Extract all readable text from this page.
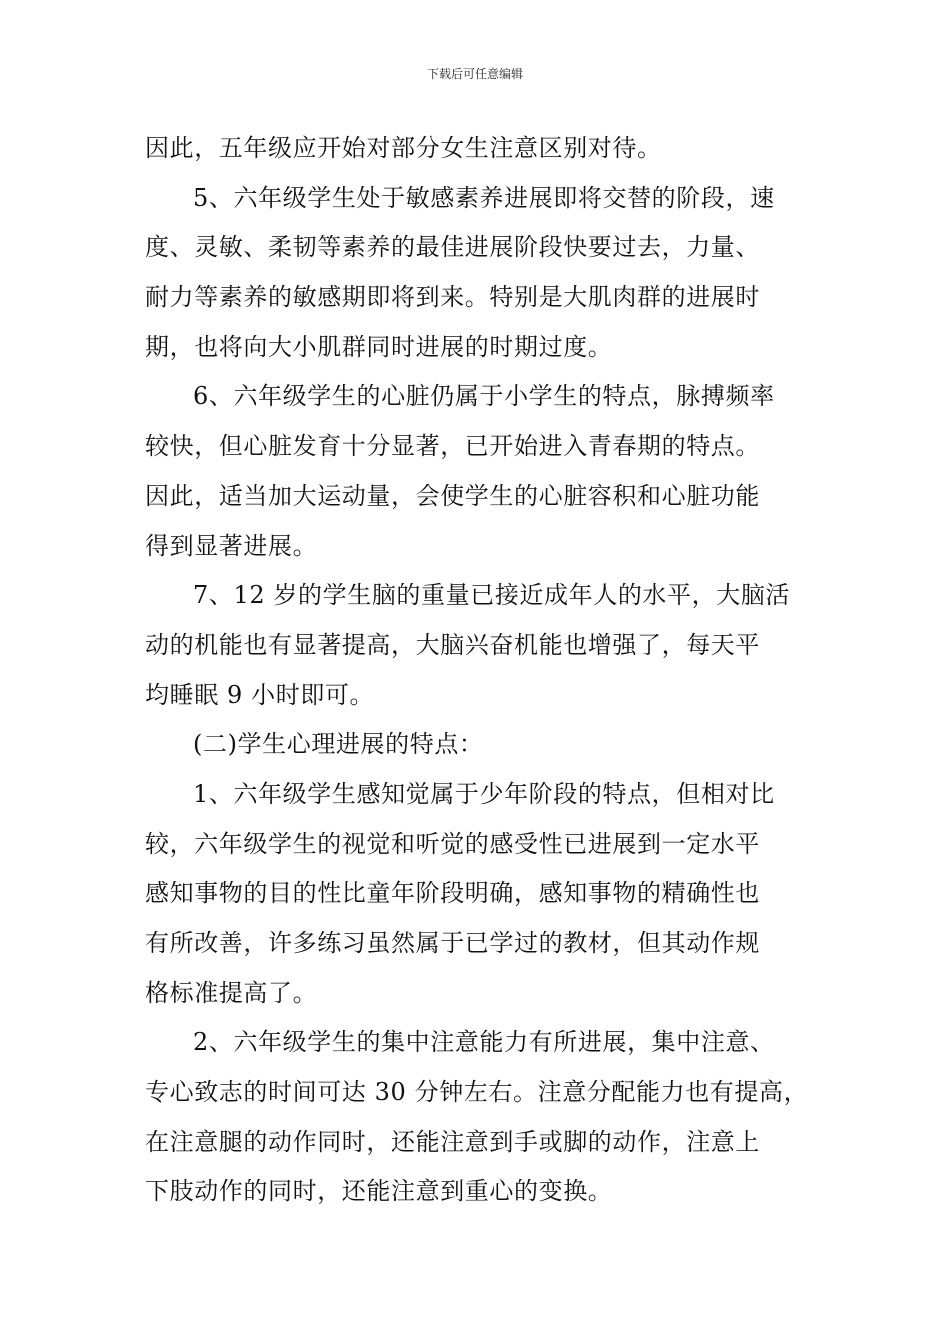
下载后可任意编辑
因此，五年级应开始对部分女生注意区别对待。
5、六年级学生处于敏感素养进展即将交替的阶段，速
度、灵敏、柔韧等素养的最佳进展阶段快要过去，力量、
耐力等素养的敏感期即将到来。特别是大肌肉群的进展时
期，也将向大小肌群同时进展的时期过度。
6、六年级学生的心脏仍属于小学生的特点，脉搏频率
较快，但心脏发育十分显著，已开始进入青春期的特点。
因此，适当加大运动量，会使学生的心脏容积和心脏功能
得到显著进展。
7、12 岁的学生脑的重量已接近成年人的水平，大脑活
动的机能也有显著提高，大脑兴奋机能也增强了，每天平
均睡眠 9 小时即可。
(二)学生心理进展的特点：
1、六年级学生感知觉属于少年阶段的特点，但相对比
较，六年级学生的视觉和听觉的感受性已进展到一定水平
感知事物的目的性比童年阶段明确，感知事物的精确性也
有所改善，许多练习虽然属于已学过的教材，但其动作规
格标准提高了。
2、六年级学生的集中注意能力有所进展，集中注意、
专心致志的时间可达 30 分钟左右。注意分配能力也有提高，
在注意腿的动作同时，还能注意到手或脚的动作，注意上
下肢动作的同时，还能注意到重心的变换。
